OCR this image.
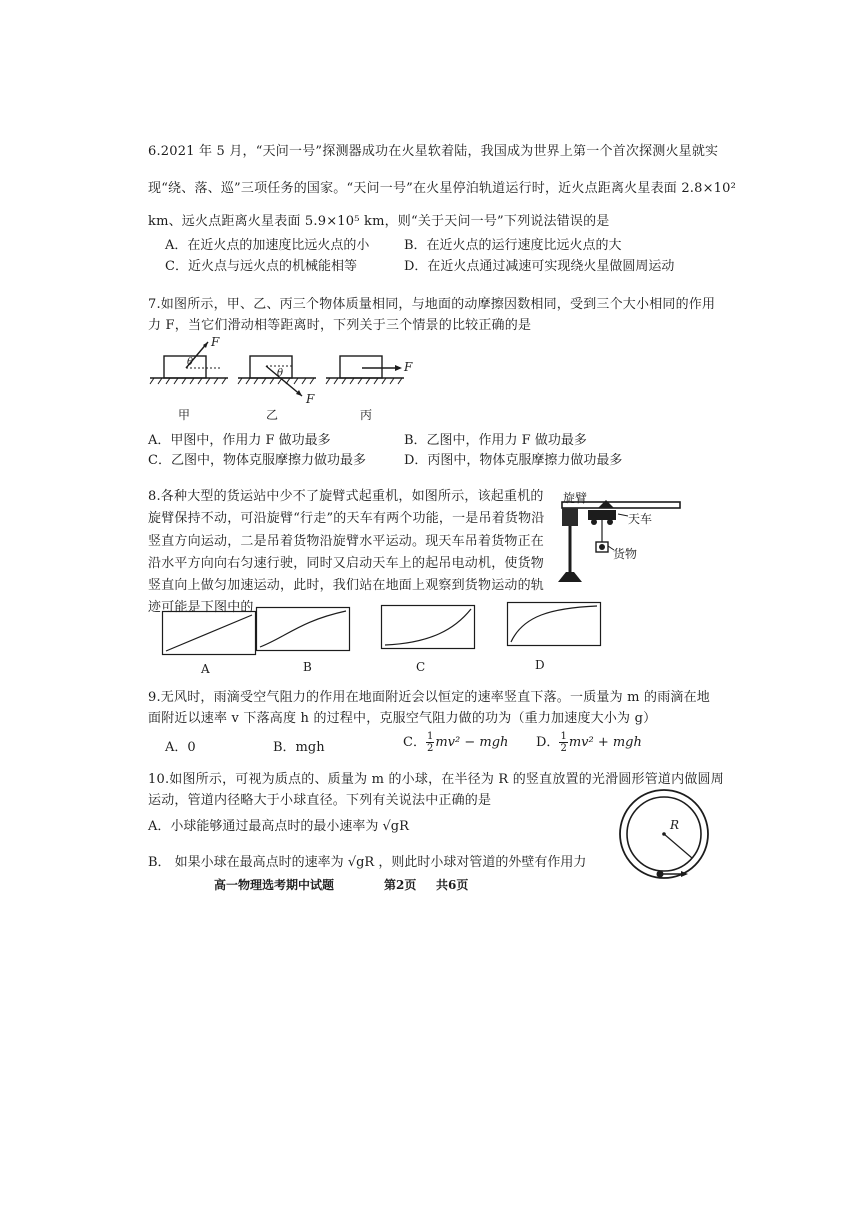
6.2021 年 5 月，“天问一号”探测器成功在火星软着陆，我国成为世界上第一个首次探测火星就实
现“绕、落、巡”三项任务的国家。“天问一号”在火星停泊轨道运行时，近火点距离火星表面 2.8×10²
km、远火点距离火星表面 5.9×10⁵ km，则“关于天问一号”下列说法错误的是
A．在近火点的加速度比远火点的小	B．在近火点的运行速度比远火点的大
C．近火点与远火点的机械能相等	D．在近火点通过减速可实现绕火星做圆周运动
7.如图所示，甲、乙、丙三个物体质量相同，与地面的动摩擦因数相同，受到三个大小相同的作用
力 F，当它们滑动相等距离时，下列关于三个情景的比较正确的是
F
θ
F
θ	F
甲	乙	丙
A．甲图中，作用力 F 做功最多	B．乙图中，作用力 F 做功最多
C．乙图中，物体克服摩擦力做功最多	D．丙图中，物体克服摩擦力做功最多
8.各种大型的货运站中少不了旋臂式起重机，如图所示，该起重机的
旋臂保持不动，可沿旋臂“行走”的天车有两个功能，一是吊着货物沿
竖直方向运动，二是吊着货物沿旋臂水平运动。现天车吊着货物正在
沿水平方向向右匀速行驶，同时又启动天车上的起吊电动机，使货物
竖直向上做匀加速运动，此时，我们站在地面上观察到货物运动的轨
迹可能是下图中的
旋臂
天车
货物
A	B	C	D
9.无风时，雨滴受空气阻力的作用在地面附近会以恒定的速率竖直下落。一质量为 m 的雨滴在地
面附近以速率 v 下落高度 h 的过程中，克服空气阻力做的功为（重力加速度大小为 g）
A．0	B．mgh	C． $\frac{1}{2} mv^2$ − mgh D． $\frac{1}{2} mv^2$ + mgh
10.如图所示，可视为质点的、质量为 m 的小球，在半径为 R 的竖直放置的光滑圆形管道内做圆周
运动，管道内径略大于小球直径。下列有关说法中正确的是
A．小球能够通过最高点时的最小速率为 √gR
B． 如果小球在最高点时的速率为 √gR ，则此时小球对管道的外壁有作用力
R
高一物理选考期中试题	第2页 共6页
